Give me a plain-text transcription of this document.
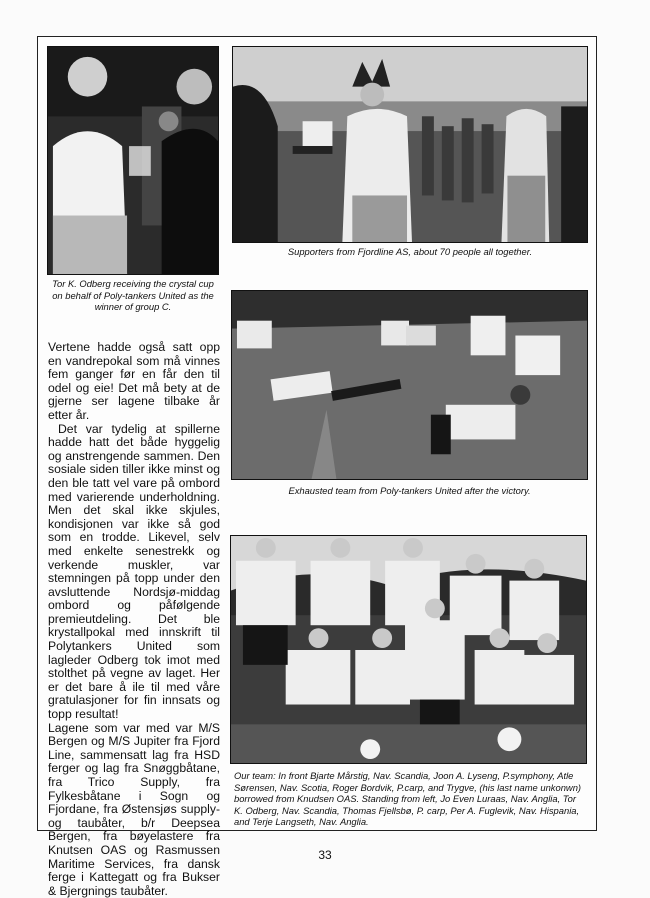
Tor K. Odberg receiving the crystal cup on behalf of Poly-tankers United as the winner of group C.
Supporters from Fjordline AS, about 70 people all together.
Exhausted team from Poly-tankers United after the victory.
Our team: In front Bjarte Mårstig, Nav. Scandia, Joon A. Lyseng, P.symphony, Atle Sørensen, Nav. Scotia, Roger Bordvik, P.carp, and Trygve, (his last name unkonwn) borrowed from Knudsen OAS. Standing from left, Jo Even Luraas, Nav. Anglia, Tor K. Odberg, Nav. Scandia, Thomas Fjellsbø, P. carp, Per A. Fuglevik, Nav. Hispania, and Terje Langseth, Nav. Anglia.

Vertene hadde også satt opp en vandrepokal som må vinnes fem ganger før en får den til odel og eie! Det må bety at de gjerne ser lagene tilbake år etter år.

Det var tydelig at spillerne hadde hatt det både hyggelig og anstrengende sammen. Den sosiale siden tiller ikke minst og den ble tatt vel vare på ombord med varierende underholdning. Men det skal ikke skjules, kondisjonen var ikke så god som en trodde. Likevel, selv med enkelte senestrekk og verkende muskler, var stemningen på topp under den avsluttende Nordsjø-middag ombord og påfølgende premieutdeling. Det ble krystallpokal med innskrift til Polytankers United som lagleder Odberg tok imot med stolthet på vegne av laget. Her er det bare å ile til med våre gratulasjoner for fin innsats og topp resultat!

Lagene som var med var M/S Bergen og M/S Jupiter fra Fjord Line, sammensatt lag fra HSD ferger og lag fra Snøggbåtane, fra Trico Supply, fra Fylkesbåtane i Sogn og Fjordane, fra Østensjøs supply-og taubåter, b/r Deepsea Bergen, fra bøyelastere fra Knutsen OAS og Rasmussen Maritime Services, fra dansk ferge i Kattegatt og fra Bukser & Bjergnings taubåter.

33
